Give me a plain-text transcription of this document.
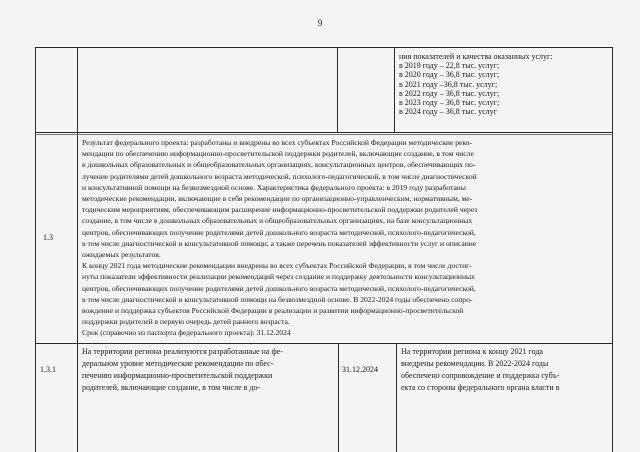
9
ния показателей и качества оказанных услуг:
в 2019 году – 22,8 тыс. услуг;
в 2020 году – 36,8 тыс. услуг;
в 2021 году –36,8 тыс. услуг;
в 2022 году – 36,8 тыс. услуг;
в 2023 году – 36,8 тыс. услуг;
в 2024 году – 36,8 тыс. услуг
1.3
Результат федерального проекта: разработаны и внедрены во всех субъектах Российской Федерации методические реко-
мендации по обеспечению информационно-просветительской поддержки родителей, включающие создание, в том числе
в дошкольных образовательных и общеобразовательных организациях, консультационных центров, обеспечивающих по-
лучение родителями детей дошкольного возраста методической, психолого-педагогической, в том числе диагностической
и консультативной помощи на безвозмездной основе. Характеристика федерального проекта: в 2019 году разработаны
методические рекомендации, включающие в себя рекомендации по организационно-управленческим, нормативным, ме-
тодическим мероприятиям, обеспечивающим расширение информационно-просветительской поддержки родителей через
создание, в том числе в дошкольных образовательных и общеобразовательных организациях, на базе консультационных
центров, обеспечивающих получение родителями детей дошкольного возраста методической, психолого-педагогической,
в том числе диагностической и консультативной помощи, а также перечень показателей эффективности услуг и описание
ожидаемых результатов.
К концу 2021 года методические рекомендации внедрены во всех субъектах Российской Федерации, в том числе достиг-
нуты показатели эффективности реализации рекомендаций через создание и поддержку деятельности консультационных
центров, обеспечивающих получение родителями детей дошкольного возраста методической, психолого-педагогической,
в том числе диагностической и консультативной помощи на безвозмездной основе. В 2022-2024 годы обеспечено сопро-
вождение и поддержка субъектов Российской Федерации в реализации и развитии информационно-просветительской
поддержки родителей в первую очередь детей раннего возраста.
Срок (справочно из паспорта федерального проекта): 31.12.2024
1.3.1
На территории региона реализуются разработанные на фе-
деральном уровне методические рекомендации по обес-
печению информационно-просветительской поддержки
родителей, включающие создание, в том числе в до-
31.12.2024
На территории региона к концу 2021 года
внедрены рекомендации. В 2022-2024 годы
обеспечено сопровождение и поддержка субъ-
екта со стороны федерального органа власти в
